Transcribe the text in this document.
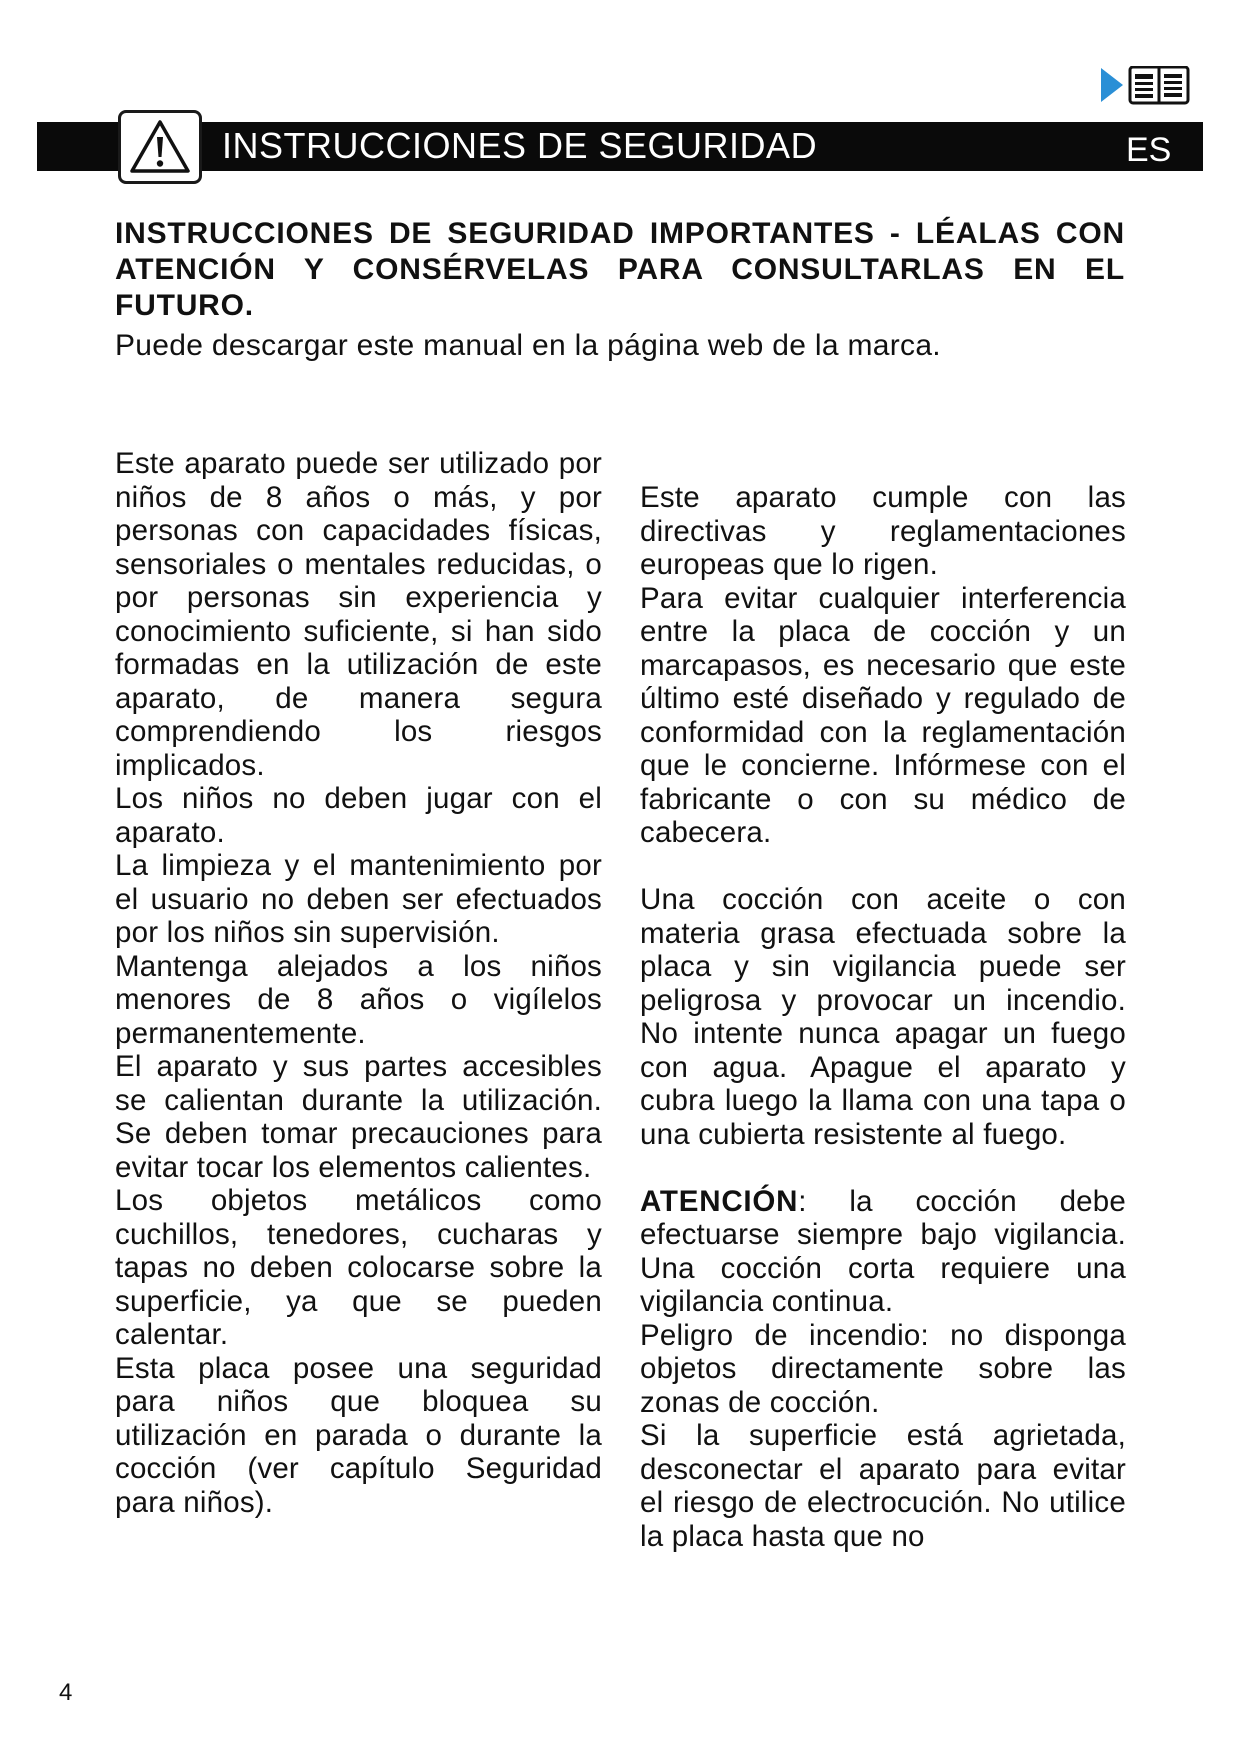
INSTRUCCIONES DE SEGURIDAD	ES

INSTRUCCIONES DE SEGURIDAD IMPORTANTES - LÉALAS CON ATENCIÓN Y CONSÉRVELAS PARA CONSULTARLAS EN EL FUTURO.

Puede descargar este manual en la página web de la marca.

Este aparato puede ser utilizado por niños de 8 años o más, y por personas con capacidades físicas, sensoriales o mentales reducidas, o por personas sin experiencia y conocimiento suficiente, si han sido formadas en la utilización de este aparato, de manera segura comprendiendo los riesgos implicados.

Los niños no deben jugar con el aparato.

La limpieza y el mantenimiento por el usuario no deben ser efectuados por los niños sin supervisión.

Mantenga alejados a los niños menores de 8 años o vigílelos permanentemente.

El aparato y sus partes accesibles se calientan durante la utilización. Se deben tomar precauciones para evitar tocar los elementos calientes.

Los objetos metálicos como cuchillos, tenedores, cucharas y tapas no deben colocarse sobre la superficie, ya que se pueden calentar.

Esta placa posee una seguridad para niños que bloquea su utilización en parada o durante la cocción (ver capítulo Seguridad para niños).

Este aparato cumple con las directivas y reglamentaciones europeas que lo rigen.

Para evitar cualquier interferencia entre la placa de cocción y un marcapasos, es necesario que este último esté diseñado y regulado de conformidad con la reglamentación que le concierne. Infórmese con el fabricante o con su médico de cabecera.

Una cocción con aceite o con materia grasa efectuada sobre la placa y sin vigilancia puede ser peligrosa y provocar un incendio. No intente nunca apagar un fuego con agua. Apague el aparato y cubra luego la llama con una tapa o una cubierta resistente al fuego.

ATENCIÓN: la cocción debe efectuarse siempre bajo vigilancia. Una cocción corta requiere una vigilancia continua.

Peligro de incendio: no disponga objetos directamente sobre las zonas de cocción.

Si la superficie está agrietada, desconectar el aparato para evitar el riesgo de electrocución. No utilice la placa hasta que no

4
